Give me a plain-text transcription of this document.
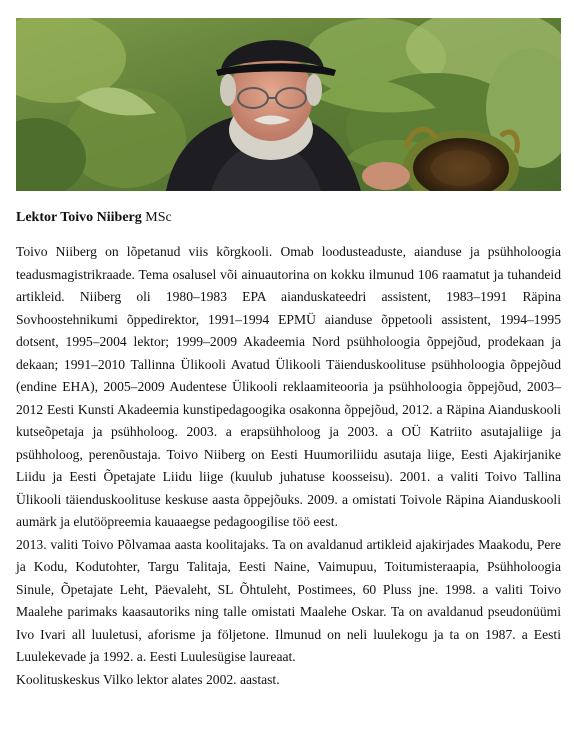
Lektor Toivo Niiberg MSc

Toivo Niiberg on lõpetanud viis kõrgkooli. Omab loodusteaduste, aianduse ja psühholoogia teadusmagistrikraade. Tema osalusel või ainuautorina on kokku ilmunud 106 raamatut ja tuhandeid artikleid. Niiberg oli 1980–1983 EPA aianduskateedri assistent, 1983–1991 Räpina Sovhoostehnikumi õppedirektor, 1991–1994 EPMÜ aianduse õppetooli assistent, 1994–1995 dotsent, 1995–2004 lektor; 1999–2009 Akadeemia Nord psühholoogia õppejõud, prodekaan ja dekaan; 1991–2010 Tallinna Ülikooli Avatud Ülikooli Täienduskoolituse psühholoogia õppejõud (endine EHA), 2005–2009 Audentese Ülikooli reklaamiteooria ja psühholoogia õppejõud, 2003–2012 Eesti Kunsti Akadeemia kunstipedagoogika osakonna õppejõud, 2012. a Räpina Aianduskooli kutseõpetaja ja psühholoog. 2003. a erapsühholoog ja 2003. a OÜ Katriito asutajaliige ja psühholoog, perenõustaja. Toivo Niiberg on Eesti Huumoriliidu asutaja liige, Eesti Ajakirjanike Liidu ja Eesti Õpetajate Liidu liige (kuulub juhatuse koosseisu). 2001. a valiti Toivo Tallina Ülikooli täienduskoolituse keskuse aasta õppejõuks. 2009. a omistati Toivole Räpina Aianduskooli aumärk ja elutööpreemia kauaaegse pedagoogilise töö eest.

2013. valiti Toivo Põlvamaa aasta koolitajaks. Ta on avaldanud artikleid ajakirjades Maakodu, Pere ja Kodu, Kodutohter, Targu Talitaja, Eesti Naine, Vaimupuu, Toitumisteraapia, Psühholoogia Sinule, Õpetajate Leht, Päevaleht, SL Õhtuleht, Postimees, 60 Pluss jne. 1998. a valiti Toivo Maalehe parimaks kaasautoriks ning talle omistati Maalehe Oskar. Ta on avaldanud pseudonüümi Ivo Ivari all luuletusi, aforisme ja följetone. Ilmunud on neli luulekogu ja ta on 1987. a Eesti Luulekevade ja 1992. a. Eesti Luulesügise laureaat.

Koolituskeskus Vilko lektor alates 2002. aastast.
